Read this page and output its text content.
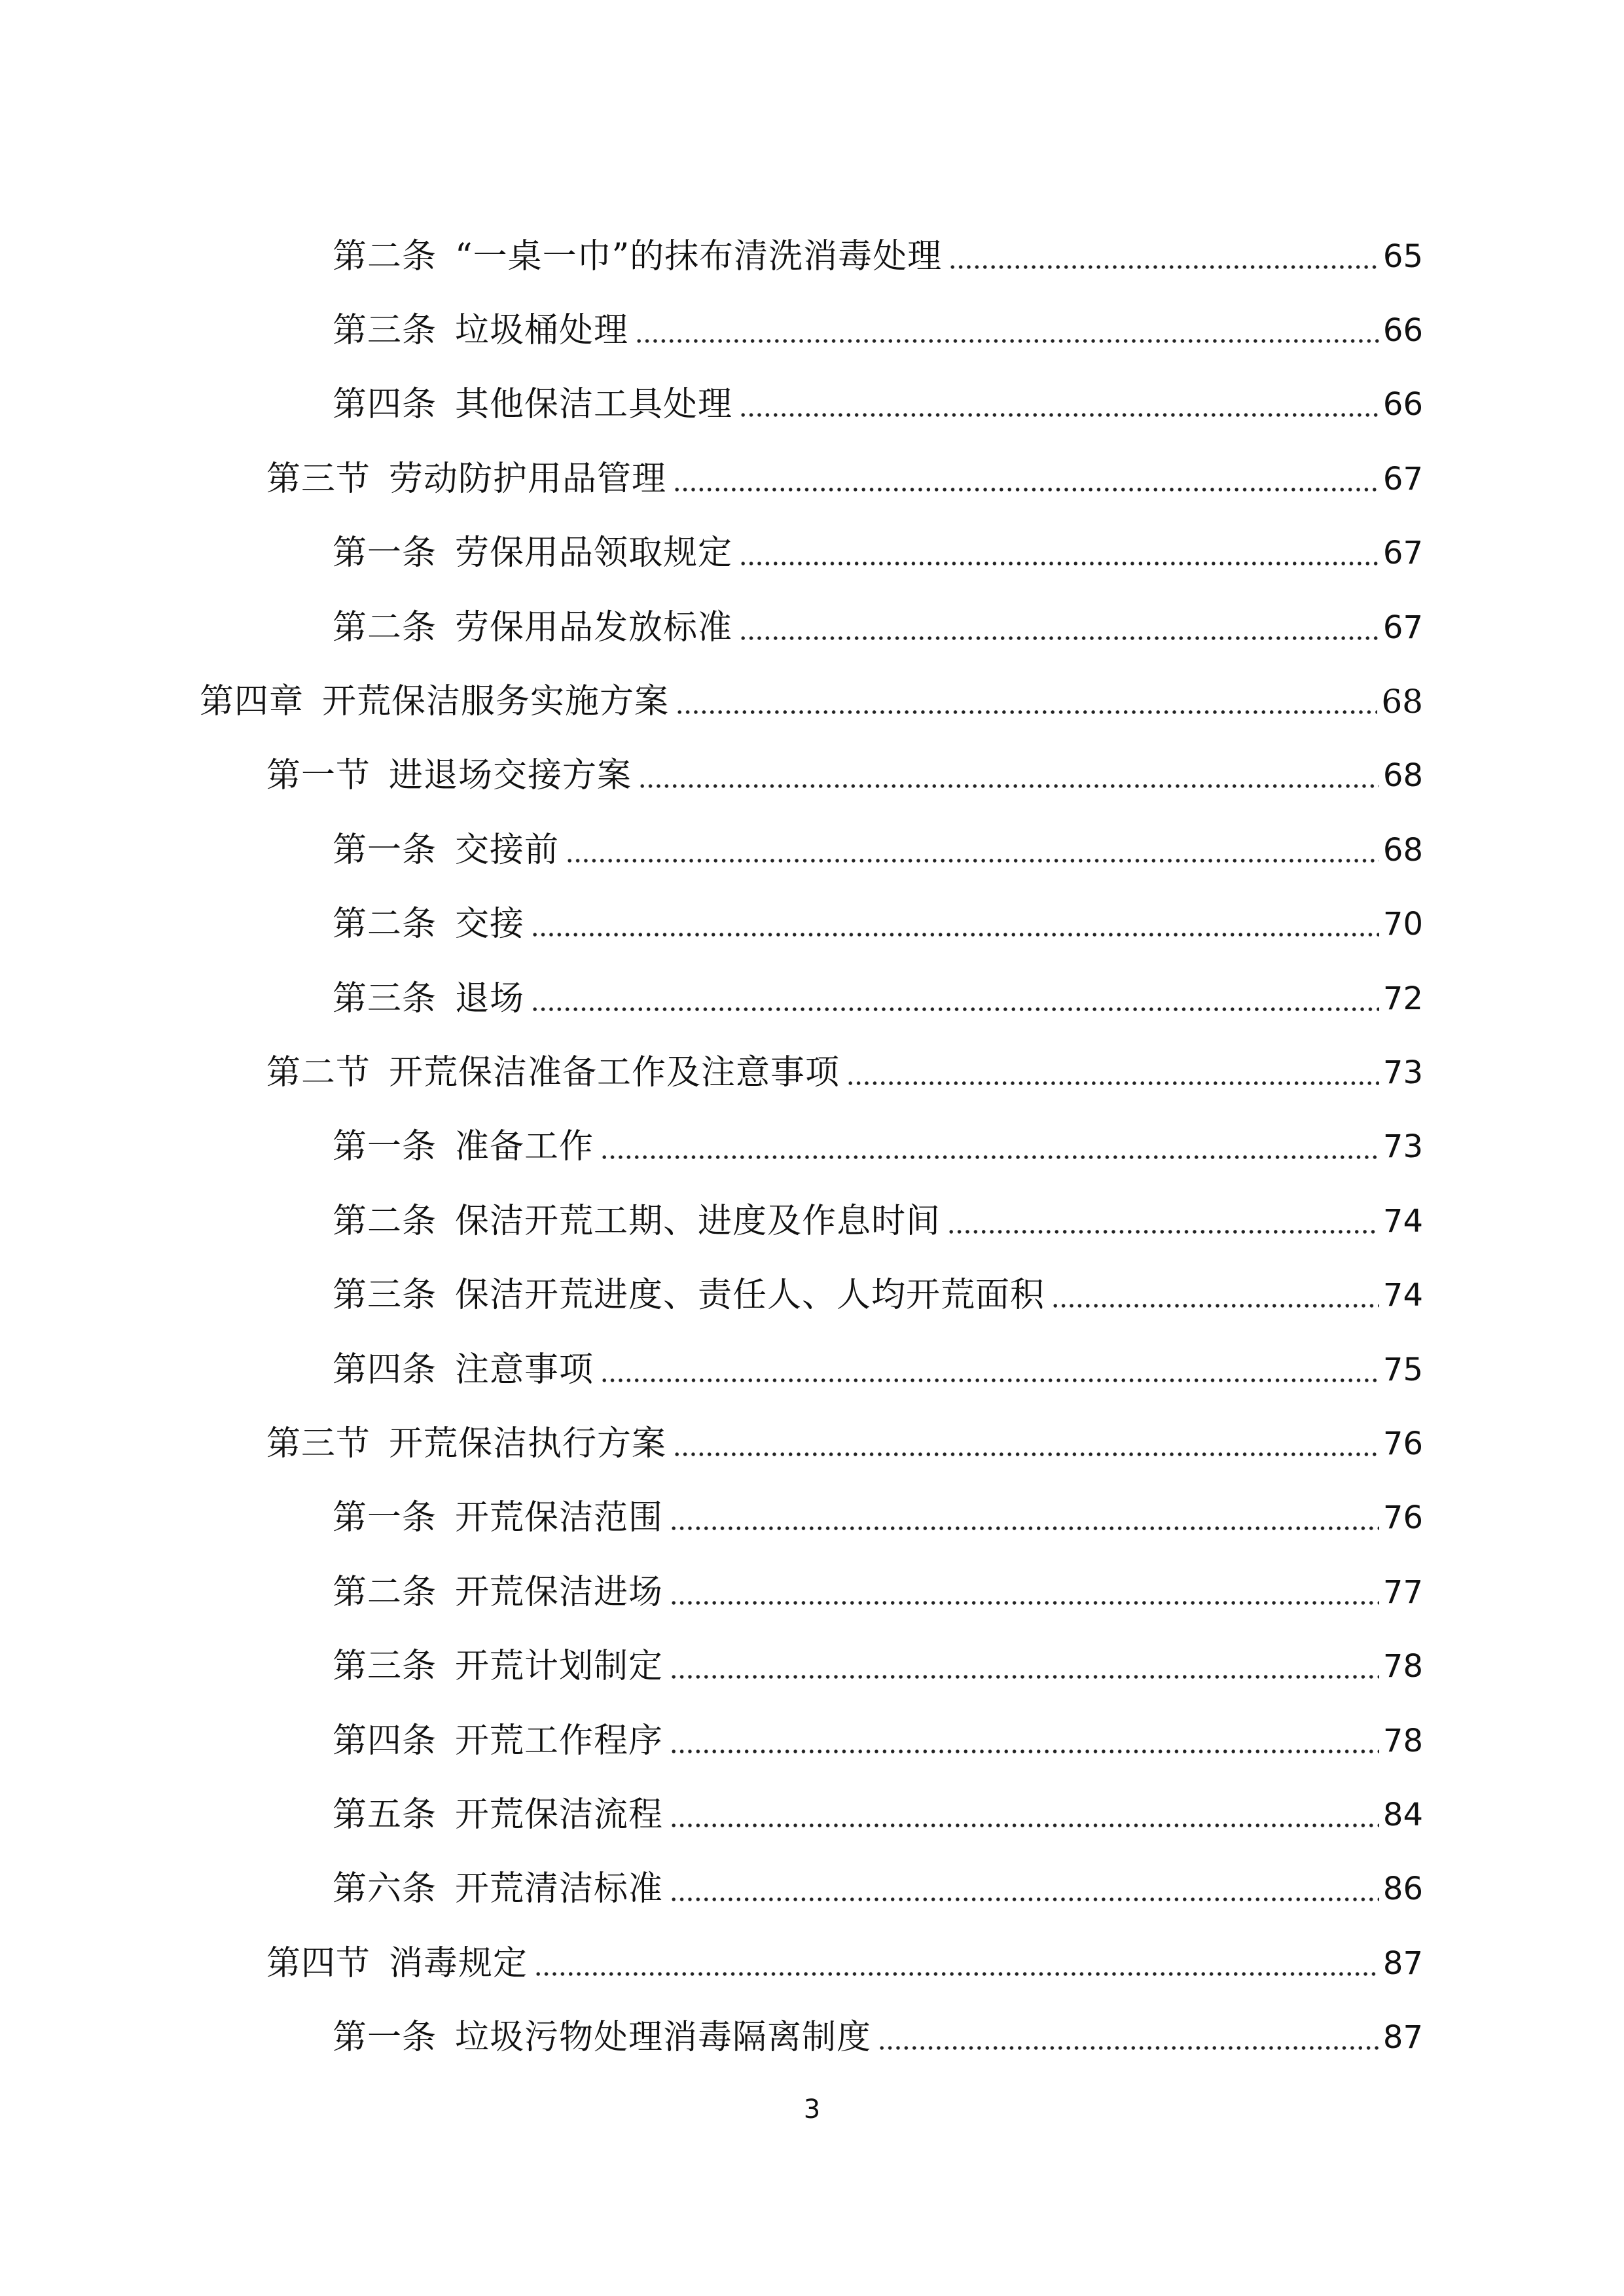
第二条 “一桌一巾”的抹布清洗消毒处理	65
第三条 垃圾桶处理	66
第四条 其他保洁工具处理	66
第三节 劳动防护用品管理	67
第一条 劳保用品领取规定	67
第二条 劳保用品发放标准	67
第四章 开荒保洁服务实施方案	68
第一节 进退场交接方案	68
第一条 交接前	68
第二条 交接	70
第三条 退场	72
第二节 开荒保洁准备工作及注意事项	73
第一条 准备工作	73
第二条 保洁开荒工期、进度及作息时间	74
第三条 保洁开荒进度、责任人、人均开荒面积	74
第四条 注意事项	75
第三节 开荒保洁执行方案	76
第一条 开荒保洁范围	76
第二条 开荒保洁进场	77
第三条 开荒计划制定	78
第四条 开荒工作程序	78
第五条 开荒保洁流程	84
第六条 开荒清洁标准	86
第四节 消毒规定	87
第一条 垃圾污物处理消毒隔离制度	87
3
